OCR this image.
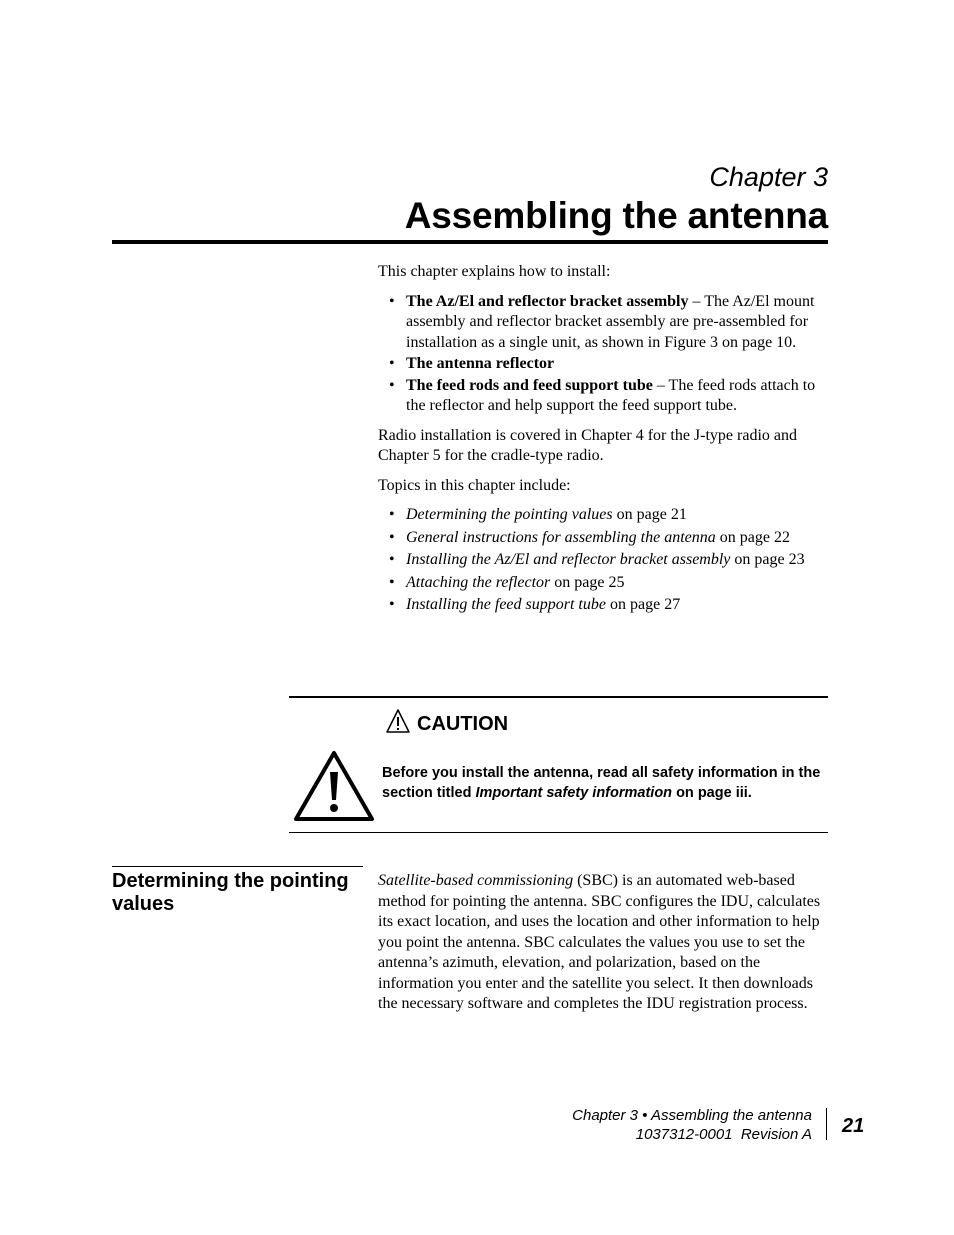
Chapter 3
Assembling the antenna

This chapter explains how to install:

• The Az/El and reflector bracket assembly – The Az/El mount assembly and reflector bracket assembly are pre-assembled for installation as a single unit, as shown in Figure 3 on page 10.
• The antenna reflector
• The feed rods and feed support tube – The feed rods attach to the reflector and help support the feed support tube.

Radio installation is covered in Chapter 4 for the J-type radio and Chapter 5 for the cradle-type radio.

Topics in this chapter include:

• Determining the pointing values on page 21
• General instructions for assembling the antenna on page 22
• Installing the Az/El and reflector bracket assembly on page 23
• Attaching the reflector on page 25
• Installing the feed support tube on page 27
CAUTION
Before you install the antenna, read all safety information in the section titled Important safety information on page iii.
Determining the pointing values
Satellite-based commissioning (SBC) is an automated web-based method for pointing the antenna. SBC configures the IDU, calculates its exact location, and uses the location and other information to help you point the antenna. SBC calculates the values you use to set the antenna’s azimuth, elevation, and polarization, based on the information you enter and the satellite you select. It then downloads the necessary software and completes the IDU registration process.
Chapter 3 • Assembling the antenna
1037312-0001  Revision A 21
